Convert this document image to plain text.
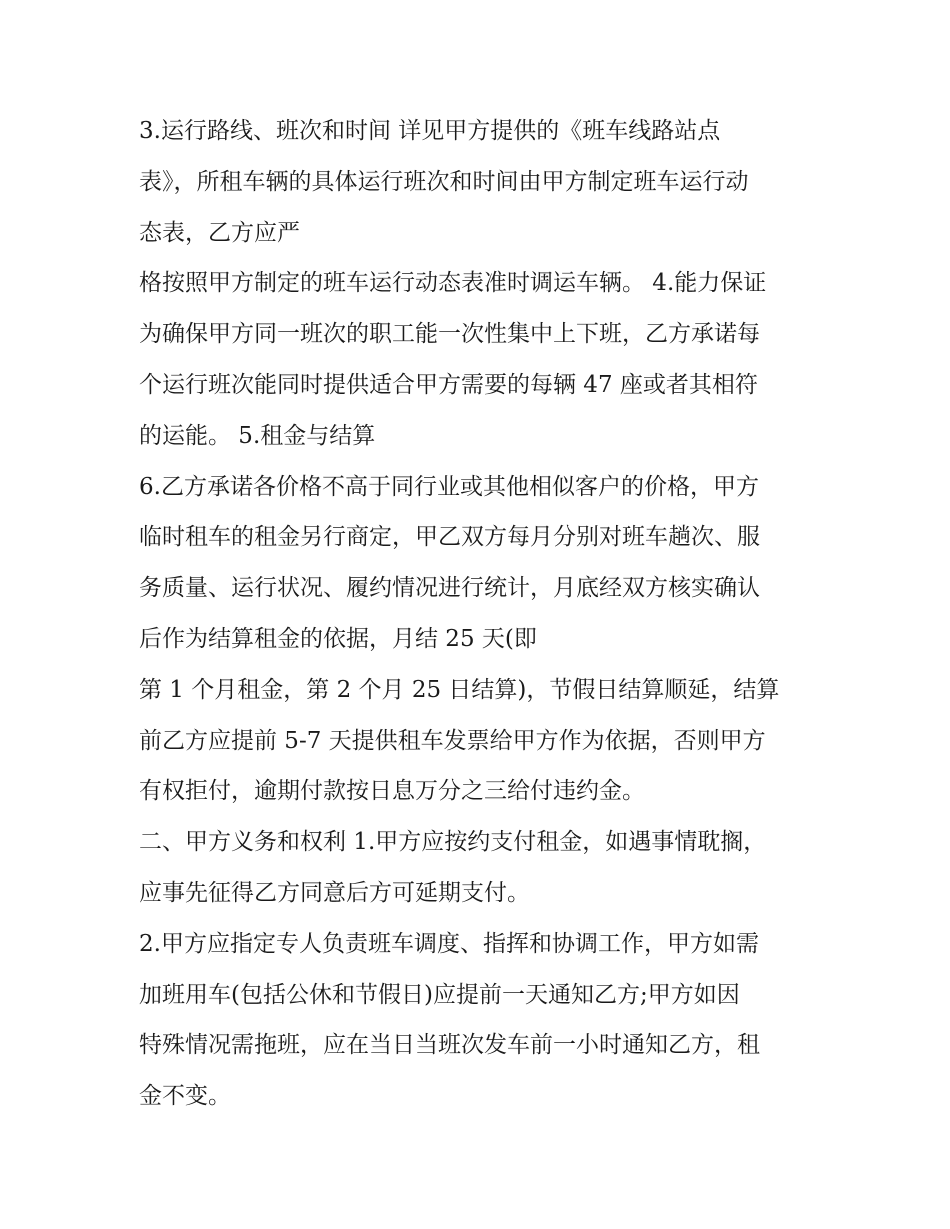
3.运行路线、班次和时间 详见甲方提供的《班车线路站点
表》，所租车辆的具体运行班次和时间由甲方制定班车运行动
态表，乙方应严
格按照甲方制定的班车运行动态表准时调运车辆。 4.能力保证
为确保甲方同一班次的职工能一次性集中上下班，乙方承诺每
个运行班次能同时提供适合甲方需要的每辆 47 座或者其相符
的运能。 5.租金与结算
6.乙方承诺各价格不高于同行业或其他相似客户的价格，甲方
临时租车的租金另行商定，甲乙双方每月分别对班车趟次、服
务质量、运行状况、履约情况进行统计，月底经双方核实确认
后作为结算租金的依据，月结 25 天(即
第 1 个月租金，第 2 个月 25 日结算)，节假日结算顺延，结算
前乙方应提前 5-7 天提供租车发票给甲方作为依据，否则甲方
有权拒付，逾期付款按日息万分之三给付违约金。
二、甲方义务和权利 1.甲方应按约支付租金，如遇事情耽搁，
应事先征得乙方同意后方可延期支付。
2.甲方应指定专人负责班车调度、指挥和协调工作，甲方如需
加班用车(包括公休和节假日)应提前一天通知乙方;甲方如因
特殊情况需拖班，应在当日当班次发车前一小时通知乙方，租
金不变。
